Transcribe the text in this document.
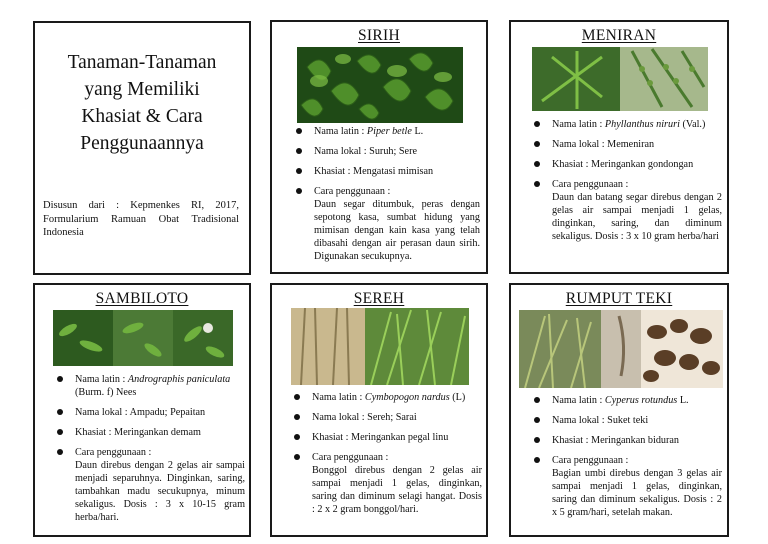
Tanaman-Tanaman
yang Memiliki
Khasiat & Cara
Penggunaannya
Disusun dari : Kepmenkes RI, 2017, Formularium Ramuan Obat Tradisional Indonesia
SIRIH
Nama latin : Piper betle L.
Nama lokal : Suruh; Sere
Khasiat : Mengatasi mimisan
Cara penggunaan :
Daun segar ditumbuk, peras dengan sepotong kasa, sumbat hidung yang mimisan dengan kain kasa yang telah dibasahi dengan air perasan daun sirih. Digunakan secukupnya.
MENIRAN
Nama latin : Phyllanthus niruri (Val.)
Nama lokal : Memeniran
Khasiat : Meringankan gondongan
Cara penggunaan :
Daun dan batang segar direbus dengan 2 gelas air sampai menjadi 1 gelas, dinginkan, saring, dan diminum sekaligus. Dosis : 3 x 10 gram herba/hari
SAMBILOTO
Nama latin : Andrographis paniculata (Burm. f) Nees
Nama lokal : Ampadu; Pepaitan
Khasiat : Meringankan demam
Cara penggunaan :
Daun direbus dengan 2 gelas air sampai menjadi separuhnya. Dinginkan, saring, tambahkan madu secukupnya, minum sekaligus. Dosis : 3 x 10-15 gram herba/hari.
SEREH
Nama latin : Cymbopogon nardus (L)
Nama lokal : Sereh; Sarai
Khasiat : Meringankan pegal linu
Cara penggunaan :
Bonggol direbus dengan 2 gelas air sampai menjadi 1 gelas, dinginkan, saring dan diminum selagi hangat. Dosis : 2 x 2 gram bonggol/hari.
RUMPUT TEKI
Nama latin : Cyperus rotundus L.
Nama lokal : Suket teki
Khasiat : Meringankan biduran
Cara penggunaan :
Bagian umbi direbus dengan 3 gelas air sampai menjadi 1 gelas, dinginkan, saring dan diminum sekaligus. Dosis : 2 x 5 gram/hari, setelah makan.
